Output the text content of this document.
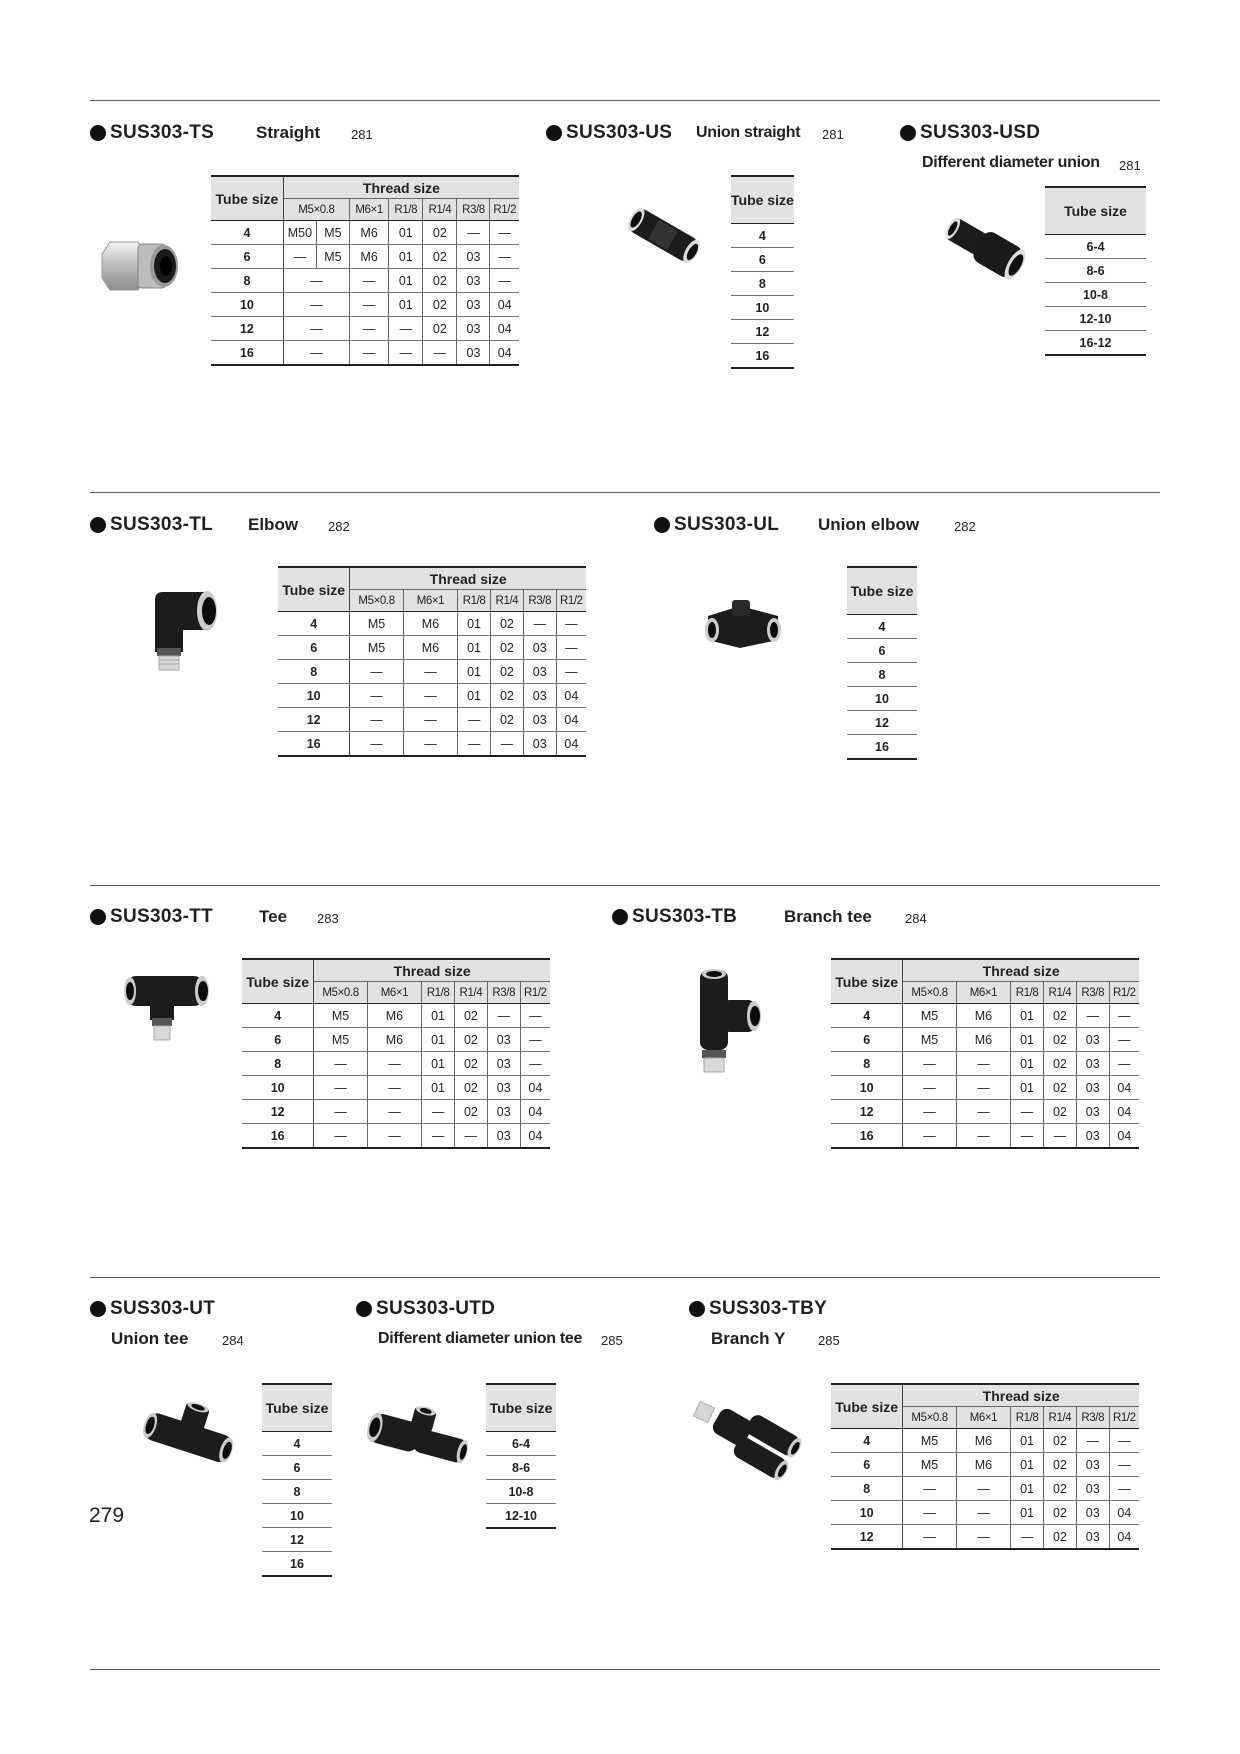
SUS303-TS Straight 281	SUS303-US Union straight 281	SUS303-USD
Different diameter union 281
Tube size	Thread size						
	M5×0.8		M6×1	R1/8	R1/4	R3/8	R1/2
4	M50	M5	M6	01	02	—	—
6	—	M5	M6	01	02	03	—
8	—		—	01	02	03	—
10	—		—	01	02	03	04
12	—		—	—	02	03	04
16	—		—	—	—	03	04
Tube size
4
6
8
10
12
16
Tube size
6-4
8-6
10-8
12-10
16-12
SUS303-TL Elbow 282	SUS303-UL Union elbow	282
Tube size	Thread size					
	M5×0.8	M6×1	R1/8	R1/4	R3/8	R1/2
4	M5	M6	01	02	—	—
6	M5	M6	01	02	03	—
8	—	—	01	02	03	—
10	—	—	01	02	03	04
12	—	—	—	02	03	04
16	—	—	—	—	03	04
Tube size
4
6
8
10
12
16
SUS303-TT	Tee 283	SUS303-TB	Branch tee	284
Tube size	Thread size					
	M5×0.8	M6×1	R1/8	R1/4	R3/8	R1/2
4	M5	M6	01	02	—	—
6	M5	M6	01	02	03	—
8	—	—	01	02	03	—
10	—	—	01	02	03	04
12	—	—	—	02	03	04
16	—	—	—	—	03	04
Tube size	Thread size					
	M5×0.8	M6×1	R1/8	R1/4	R3/8	R1/2
4	M5	M6	01	02	—	—
6	M5	M6	01	02	03	—
8	—	—	01	02	03	—
10	—	—	01	02	03	04
12	—	—	—	02	03	04
16	—	—	—	—	03	04
SUS303-UT
Union tee	284
SUS303-UTD
Different diameter union tee 285
SUS303-TBY
Branch Y	285
Tube size
4
6
8
10
12
16
Tube size
6-4
8-6
10-8
12-10
Tube size	Thread size					
	M5×0.8	M6×1	R1/8	R1/4	R3/8	R1/2
4	M5	M6	01	02	—	—
6	M5	M6	01	02	03	—
8	—	—	01	02	03	—
10	—	—	01	02	03	04
12	—	—	—	02	03	04
279
